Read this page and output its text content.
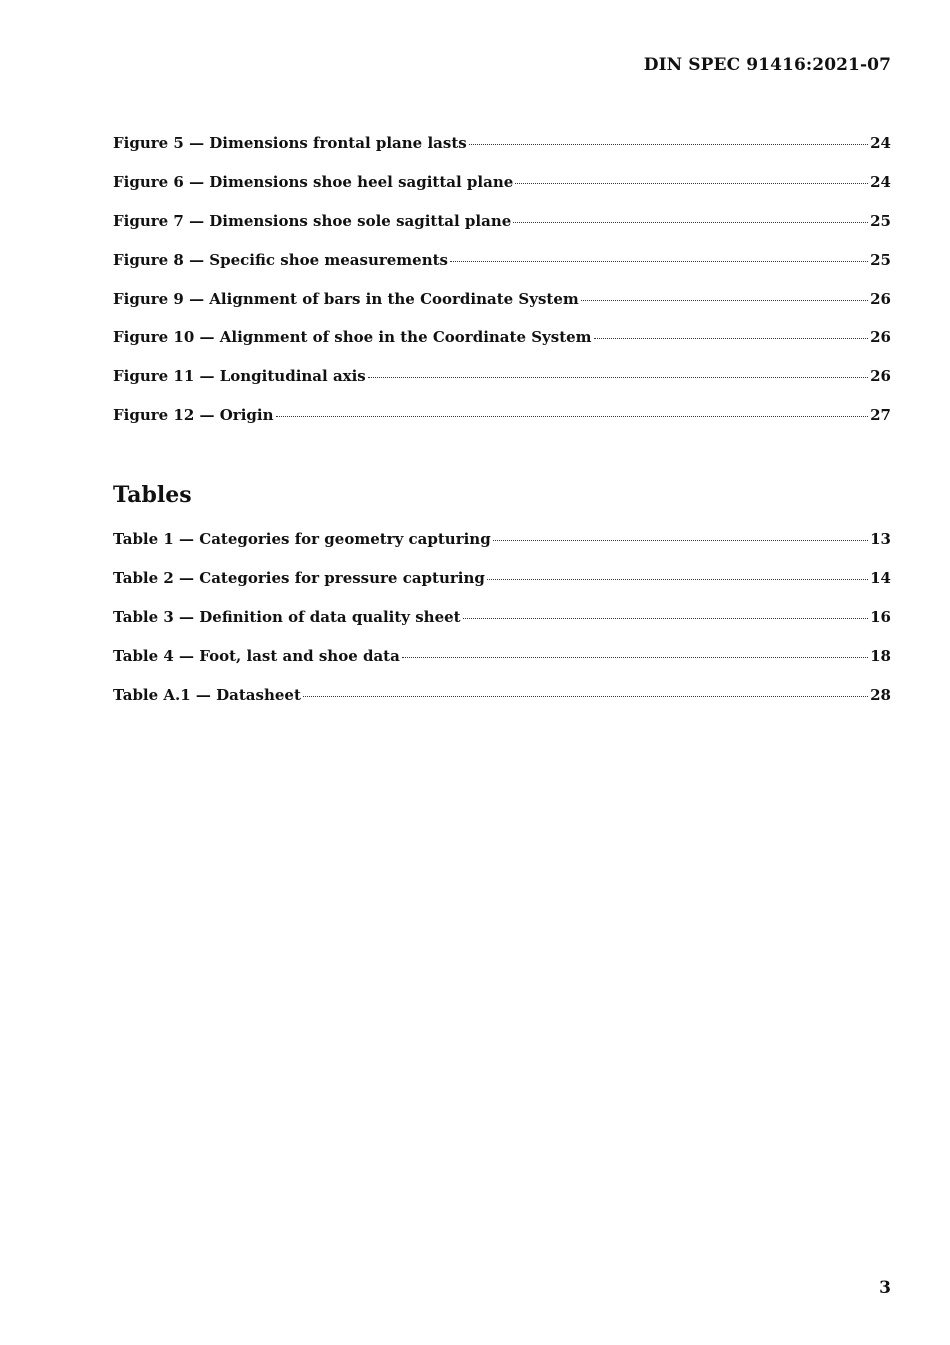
DIN SPEC 91416:2021-07
Figure 5 — Dimensions frontal plane lasts	24
Figure 6 — Dimensions shoe heel sagittal plane	24
Figure 7 — Dimensions shoe sole sagittal plane	25
Figure 8 — Specific shoe measurements	25
Figure 9 — Alignment of bars in the Coordinate System	26
Figure 10 — Alignment of shoe in the Coordinate System	26
Figure 11 — Longitudinal axis	26
Figure 12 — Origin	27
Tables
Table 1 — Categories for geometry capturing	13
Table 2 — Categories for pressure capturing	14
Table 3 — Definition of data quality sheet	16
Table 4 — Foot, last and shoe data	18
Table A.1 — Datasheet	28
3
